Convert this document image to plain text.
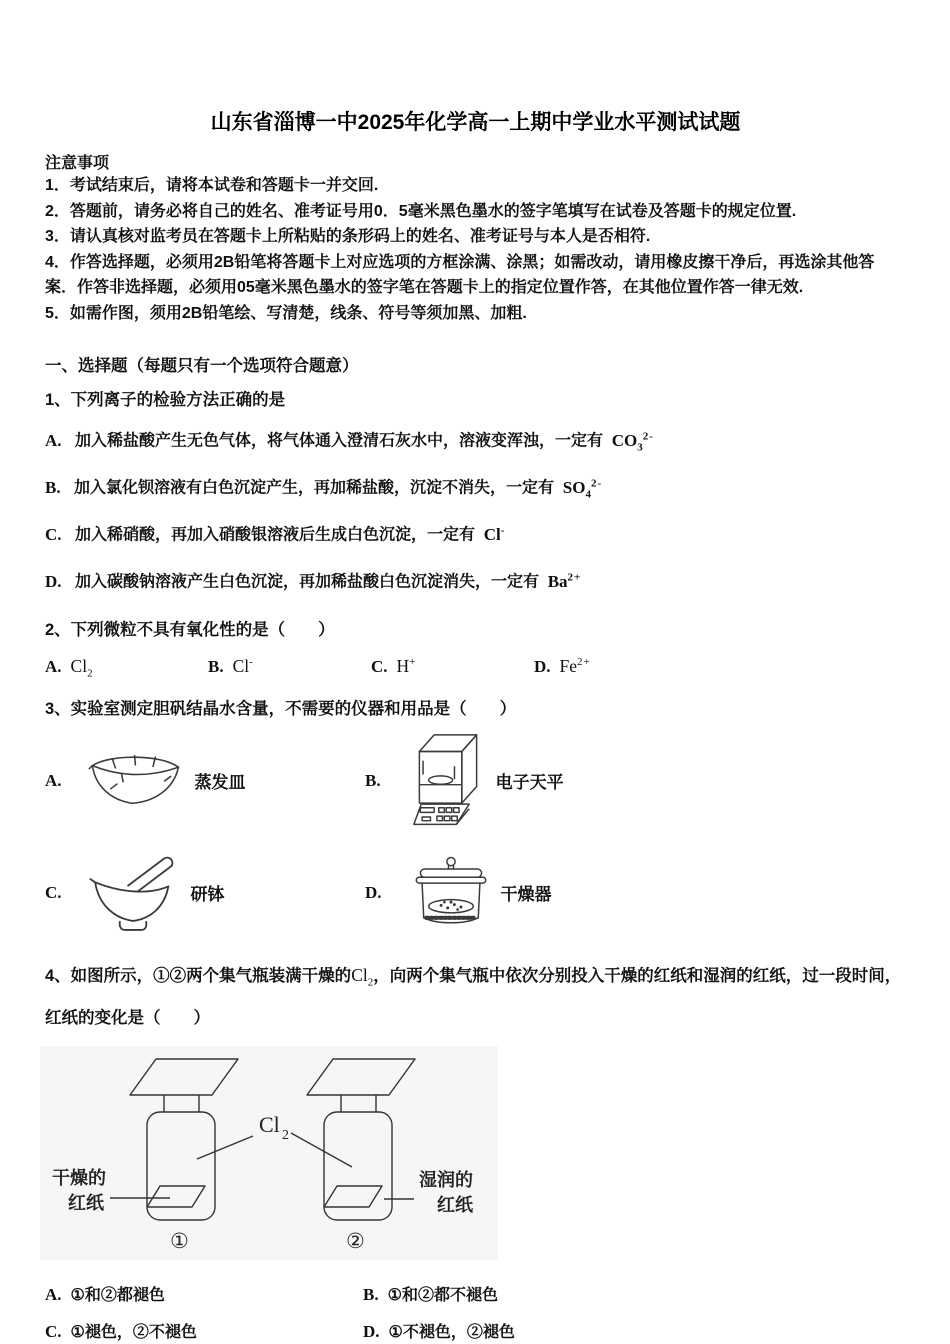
山东省淄博一中2025年化学高一上期中学业水平测试试题
注意事项

1．考试结束后，请将本试卷和答题卡一并交回.

2．答题前，请务必将自己的姓名、准考证号用0．5毫米黑色墨水的签字笔填写在试卷及答题卡的规定位置.

3．请认真核对监考员在答题卡上所粘贴的条形码上的姓名、准考证号与本人是否相符.

4．作答选择题，必须用2B铅笔将答题卡上对应选项的方框涂满、涂黑；如需改动，请用橡皮擦干净后，再选涂其他答案．作答非选择题，必须用05毫米黑色墨水的签字笔在答题卡上的指定位置作答，在其他位置作答一律无效.

5．如需作图，须用2B铅笔绘、写清楚，线条、符号等须加黑、加粗.

一、选择题（每题只有一个选项符合题意）

1、下列离子的检验方法正确的是

A. 加入稀盐酸产生无色气体，将气体通入澄清石灰水中，溶液变浑浊，一定有 $CO_3^{2-}$

B. 加入氯化钡溶液有白色沉淀产生，再加稀盐酸，沉淀不消失，一定有 $SO_4^{2-}$

C. 加入稀硝酸，再加入硝酸银溶液后生成白色沉淀，一定有 Cl-

D. 加入碳酸钠溶液产生白色沉淀，再加稀盐酸白色沉淀消失，一定有 $Ba^{2+}$

2、下列微粒不具有氧化性的是（　　）

A. $Cl_2$	B. Cl-	C. H+	D. $Fe^{2+}$

3、实验室测定胆矾结晶水含量，不需要的仪器和用品是（　　）

A.	蒸发皿	B.	电子天平
C.	研钵	D.	干燥器

4、如图所示，①②两个集气瓶装满干燥的$Cl_2$，向两个集气瓶中依次分别投入干燥的红纸和湿润的红纸，过一段时间，红纸的变化是（　　）

Cl 2
干燥的
红纸
湿润的
红纸
①	②
A. ①和②都褪色	B. ①和②都不褪色
C. ①褪色，②不褪色	D. ①不褪色，②褪色
